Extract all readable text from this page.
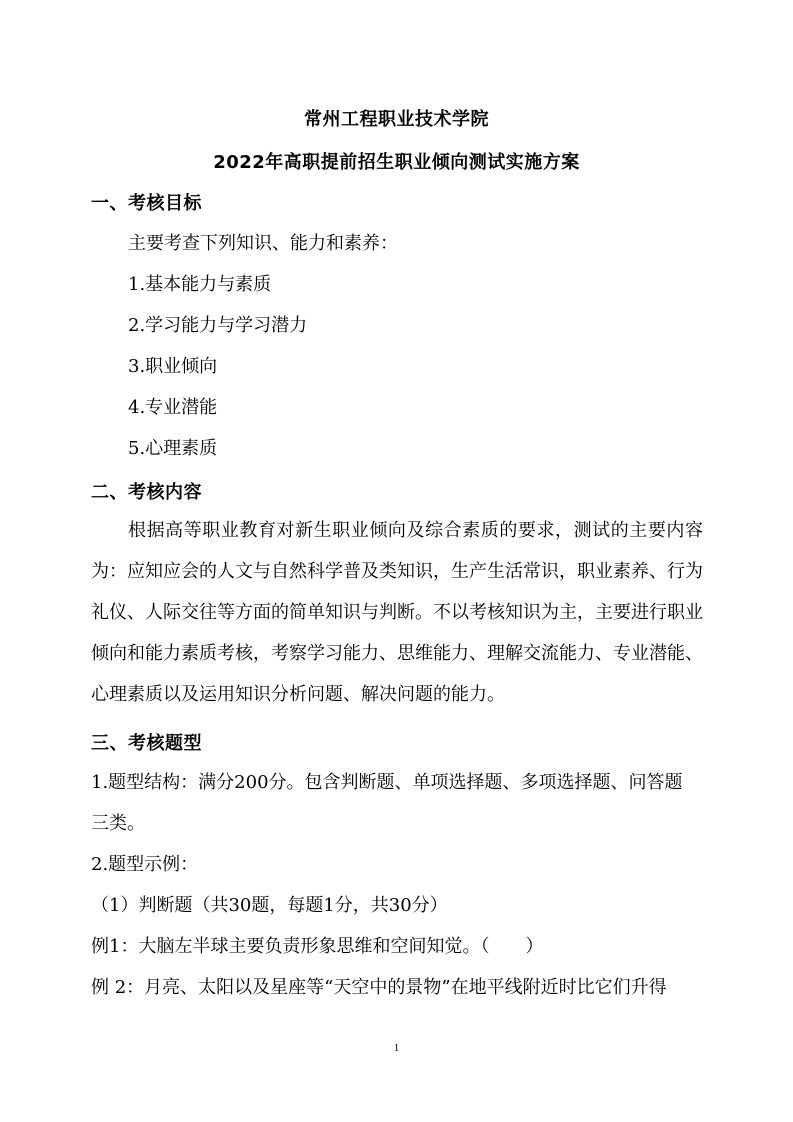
常州工程职业技术学院
2022年高职提前招生职业倾向测试实施方案
一、考核目标
主要考查下列知识、能力和素养：
1.基本能力与素质
2.学习能力与学习潜力
3.职业倾向
4.专业潜能
5.心理素质
二、考核内容
根据高等职业教育对新生职业倾向及综合素质的要求，测试的主要内容为：应知应会的人文与自然科学普及类知识，生产生活常识，职业素养、行为礼仪、人际交往等方面的简单知识与判断。不以考核知识为主，主要进行职业倾向和能力素质考核，考察学习能力、思维能力、理解交流能力、专业潜能、心理素质以及运用知识分析问题、解决问题的能力。
三、考核题型
1.题型结构：满分200分。包含判断题、单项选择题、多项选择题、问答题
三类。
2.题型示例：
（1）判断题（共30题，每题1分，共30分）
例1：大脑左半球主要负责形象思维和空间知觉。（　　）
例 2：月亮、太阳以及星座等“天空中的景物”在地平线附近时比它们升得
1
